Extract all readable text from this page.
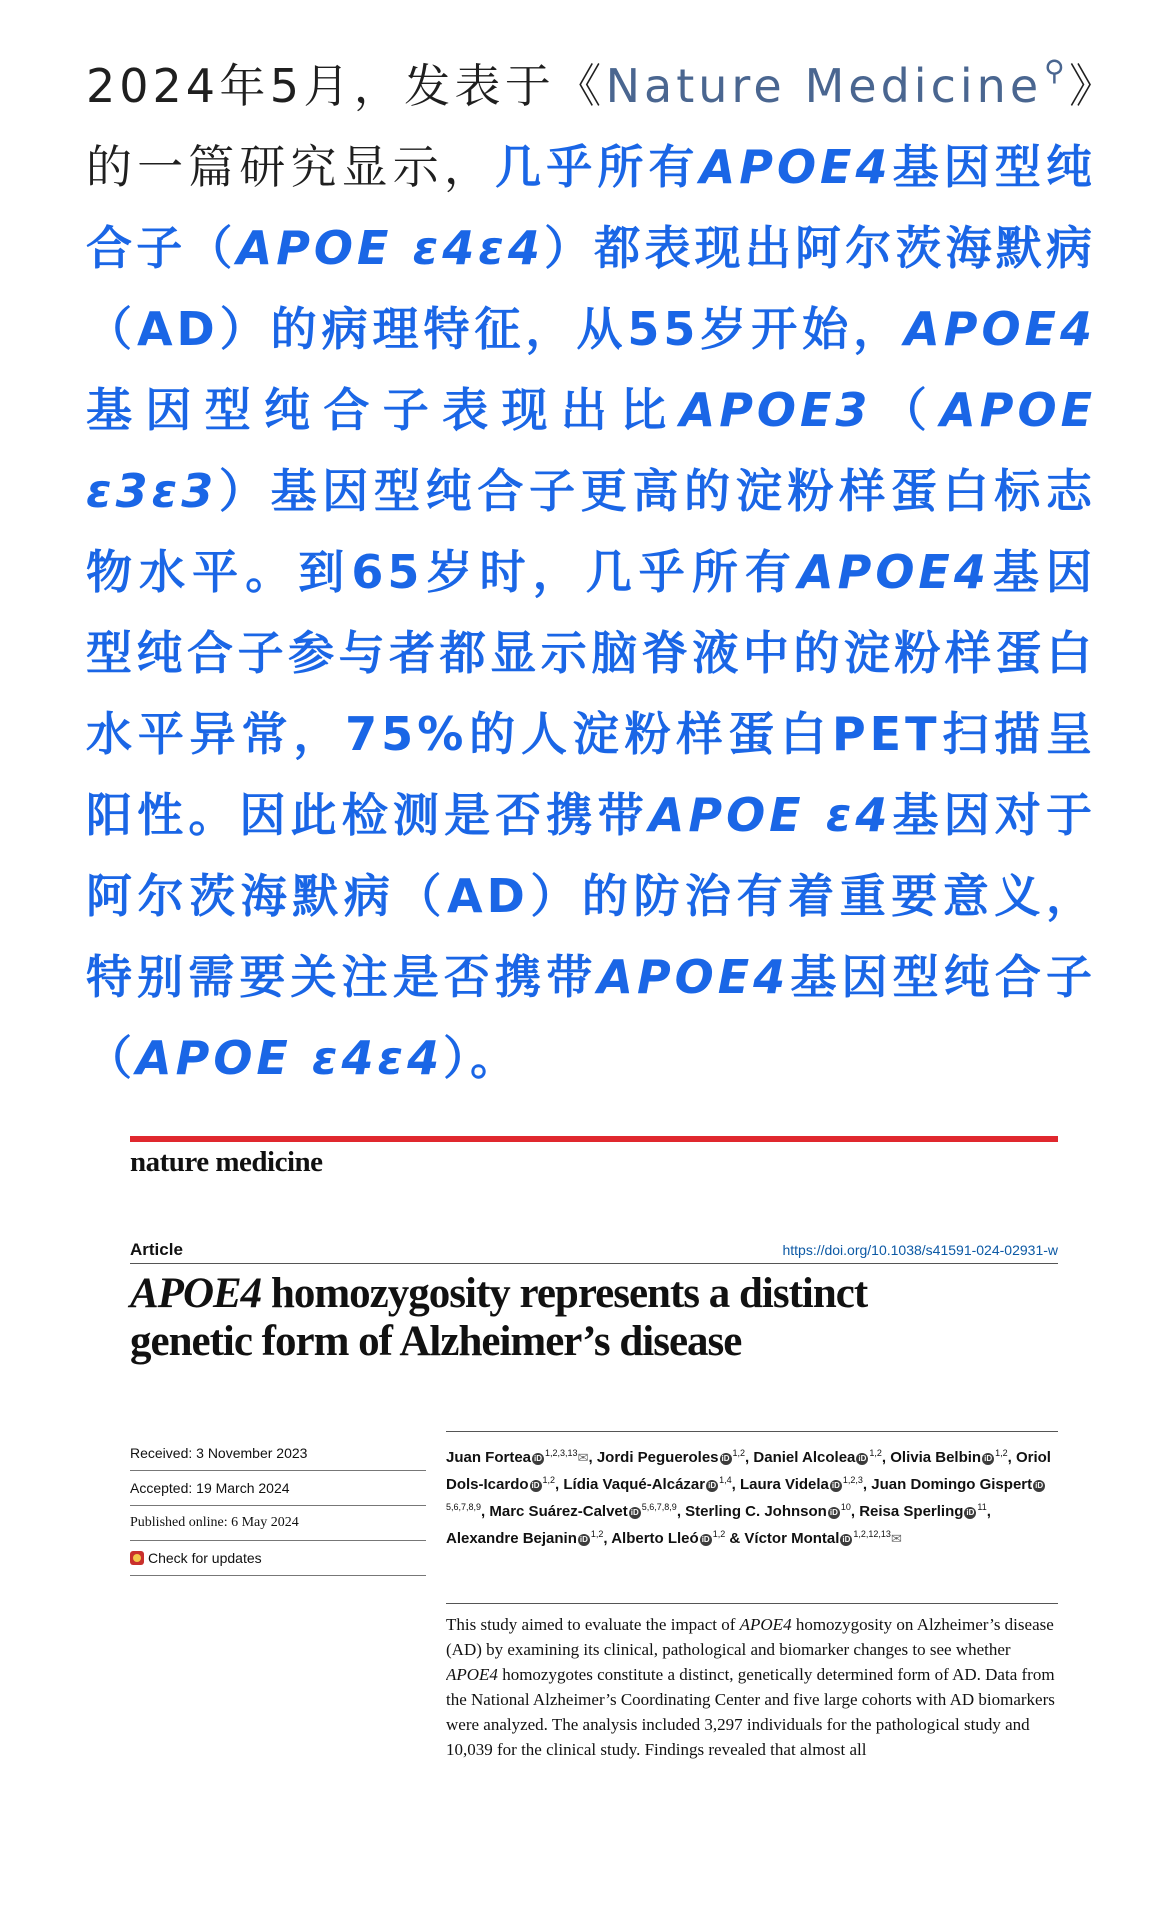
2024年5月，发表于《Nature Medicine⚲》的一篇研究显示，几乎所有APOE4基因型纯合子（APOE ε4ε4）都表现出阿尔茨海默病（AD）的病理特征，从55岁开始，APOE4基因型纯合子表现出比APOE3（APOE ε3ε3）基因型纯合子更高的淀粉样蛋白标志物水平。到65岁时，几乎所有APOE4基因型纯合子参与者都显示脑脊液中的淀粉样蛋白水平异常，75%的人淀粉样蛋白PET扫描呈阳性。因此检测是否携带APOE ε4基因对于阿尔茨海默病（AD）的防治有着重要意义，特别需要关注是否携带APOE4基因型纯合子（APOE ε4ε4）。
nature medicine
Article	https://doi.org/10.1038/s41591-024-02931-w
APOE4 homozygosity represents a distinct
genetic form of Alzheimer’s disease
Received: 3 November 2023
Accepted: 19 March 2024
Published online: 6 May 2024
Check for updates
Juan Fortea iD$^{1,2,3,13}$✉, Jordi Pegueroles iD$^{1,2}$, Daniel Alcolea iD$^{1,2}$, Olivia Belbin iD$^{1,2}$, Oriol Dols-Icardo iD$^{1,2}$, Lídia Vaqué-Alcázar iD$^{1,4}$, Laura Videla iD$^{1,2,3}$, Juan Domingo Gispert iD$^{5,6,7,8,9}$, Marc Suárez-Calvet iD$^{5,6,7,8,9}$, Sterling C. Johnson $iD^{10}$, Reisa Sperling $iD^{11}$, Alexandre Bejanin iD$^{1,2}$, Alberto Lleó iD$^{1,2}$ & Víctor Montal iD$^{1,2,12,13}$✉
This study aimed to evaluate the impact of APOE4 homozygosity on Alzheimer’s disease (AD) by examining its clinical, pathological and biomarker changes to see whether APOE4 homozygotes constitute a distinct, genetically determined form of AD. Data from the National Alzheimer’s Coordinating Center and five large cohorts with AD biomarkers were analyzed. The analysis included 3,297 individuals for the pathological study and 10,039 for the clinical study. Findings revealed that almost all
